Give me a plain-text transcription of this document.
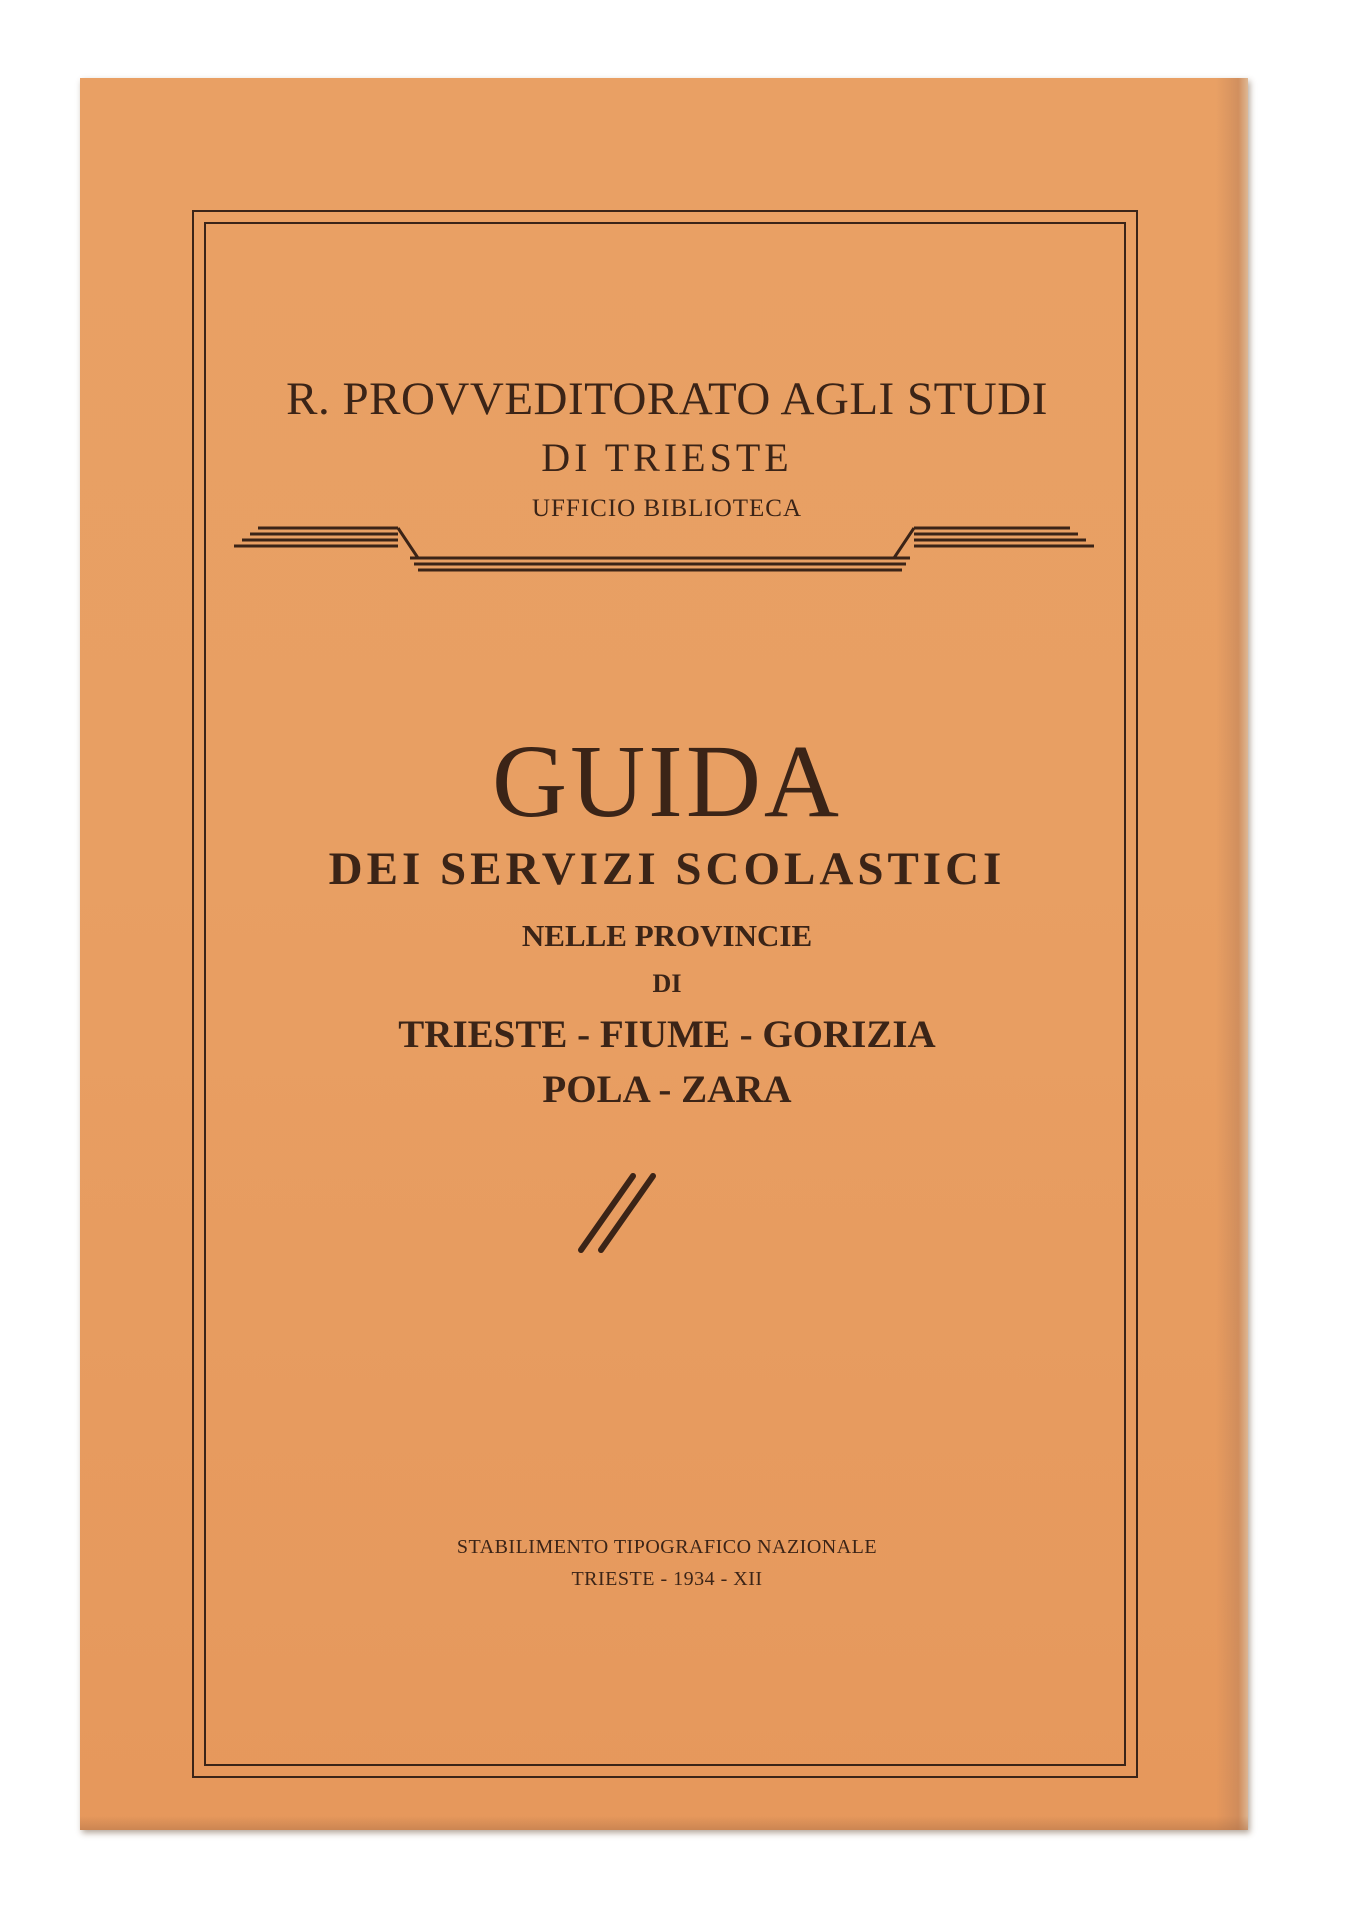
R. PROVVEDITORATO AGLI STUDI
DI TRIESTE
UFFICIO BIBLIOTECA
GUIDA
DEI SERVIZI SCOLASTICI
NELLE PROVINCIE
DI
TRIESTE - FIUME - GORIZIA
POLA - ZARA
STABILIMENTO TIPOGRAFICO NAZIONALE
TRIESTE - 1934 - XII
